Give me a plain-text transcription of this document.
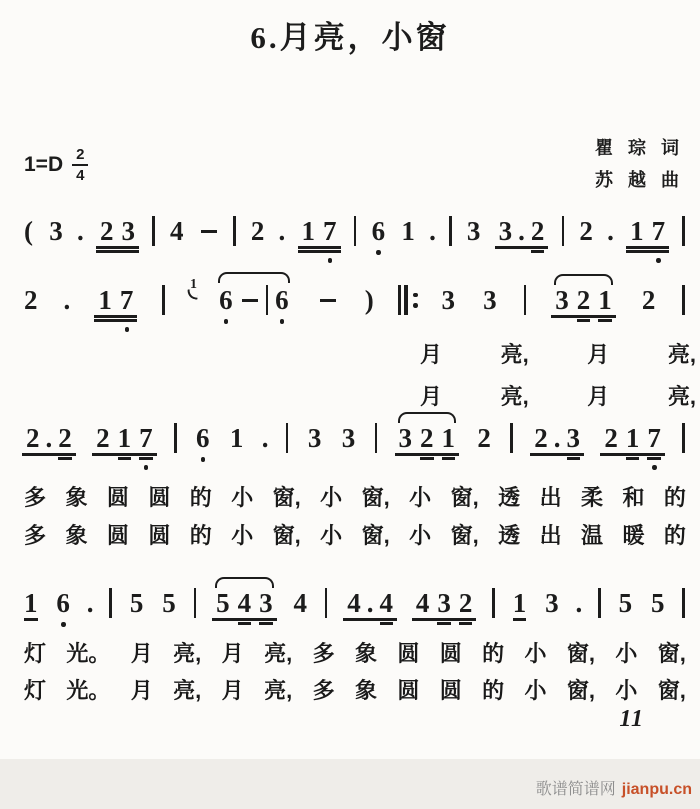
6.月亮，小窗
$1=D \frac{2}{4}$	瞿 琮 词
苏 越 曲
( 3 . 2 3 4 2 . 1 7 6 1 . 3 3 . 2 2 . 1 7
2 . 1 7	1 6 6	)	3 3 3 2 1 2
月	亮,	月	亮,
月	亮,	月	亮,
2 . 2 2 1 7 6 1 . 3 3 3 2 1 2 2 . 3 2 1 7
多 象 圆 圆 的 小 窗, 小 窗, 小 窗, 透 出 柔 和 的
多 象 圆 圆 的 小 窗, 小 窗, 小 窗, 透 出 温 暖 的
1 6 . 5 5 5 4 3 4 4 . 4 4 3 2 1 3 . 5 5
灯 光。 月 亮, 月 亮, 多 象 圆 圆 的 小 窗, 小 窗,
灯 光。 月 亮, 月 亮, 多 象 圆 圆 的 小 窗, 小 窗,
11
歌谱简谱网 jianpu.cn
